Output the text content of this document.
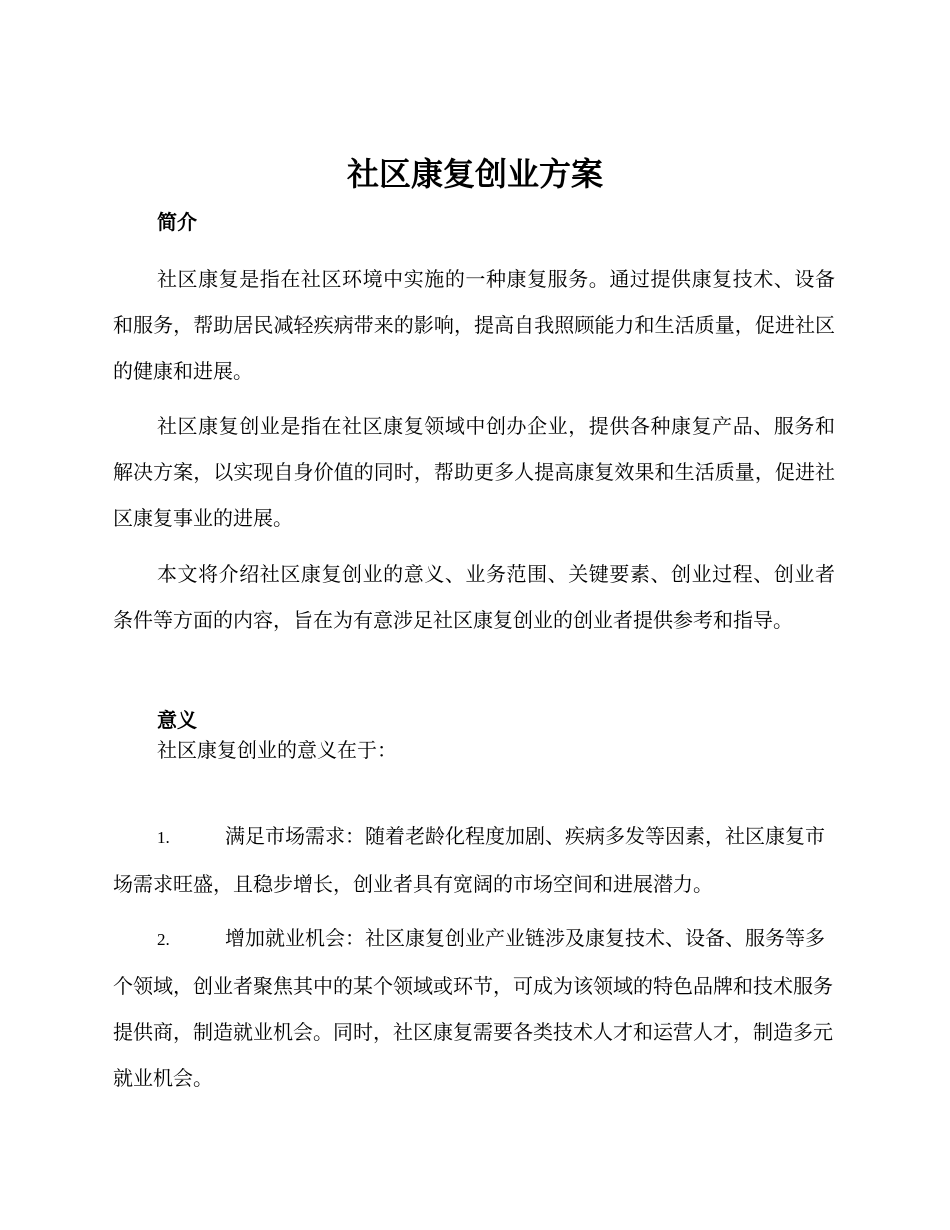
社区康复创业方案
简介

社区康复是指在社区环境中实施的一种康复服务。通过提供康复技术、设备和服务，帮助居民减轻疾病带来的影响，提高自我照顾能力和生活质量，促进社区的健康和进展。

社区康复创业是指在社区康复领域中创办企业，提供各种康复产品、服务和解决方案，以实现自身价值的同时，帮助更多人提高康复效果和生活质量，促进社区康复事业的进展。

本文将介绍社区康复创业的意义、业务范围、关键要素、创业过程、创业者条件等方面的内容，旨在为有意涉足社区康复创业的创业者提供参考和指导。

意义

社区康复创业的意义在于：

1.	满足市场需求：随着老龄化程度加剧、疾病多发等因素，社区康复市场需求旺盛，且稳步增长，创业者具有宽阔的市场空间和进展潜力。

2.	增加就业机会：社区康复创业产业链涉及康复技术、设备、服务等多个领域，创业者聚焦其中的某个领域或环节，可成为该领域的特色品牌和技术服务提供商，制造就业机会。同时，社区康复需要各类技术人才和运营人才，制造多元就业机会。
